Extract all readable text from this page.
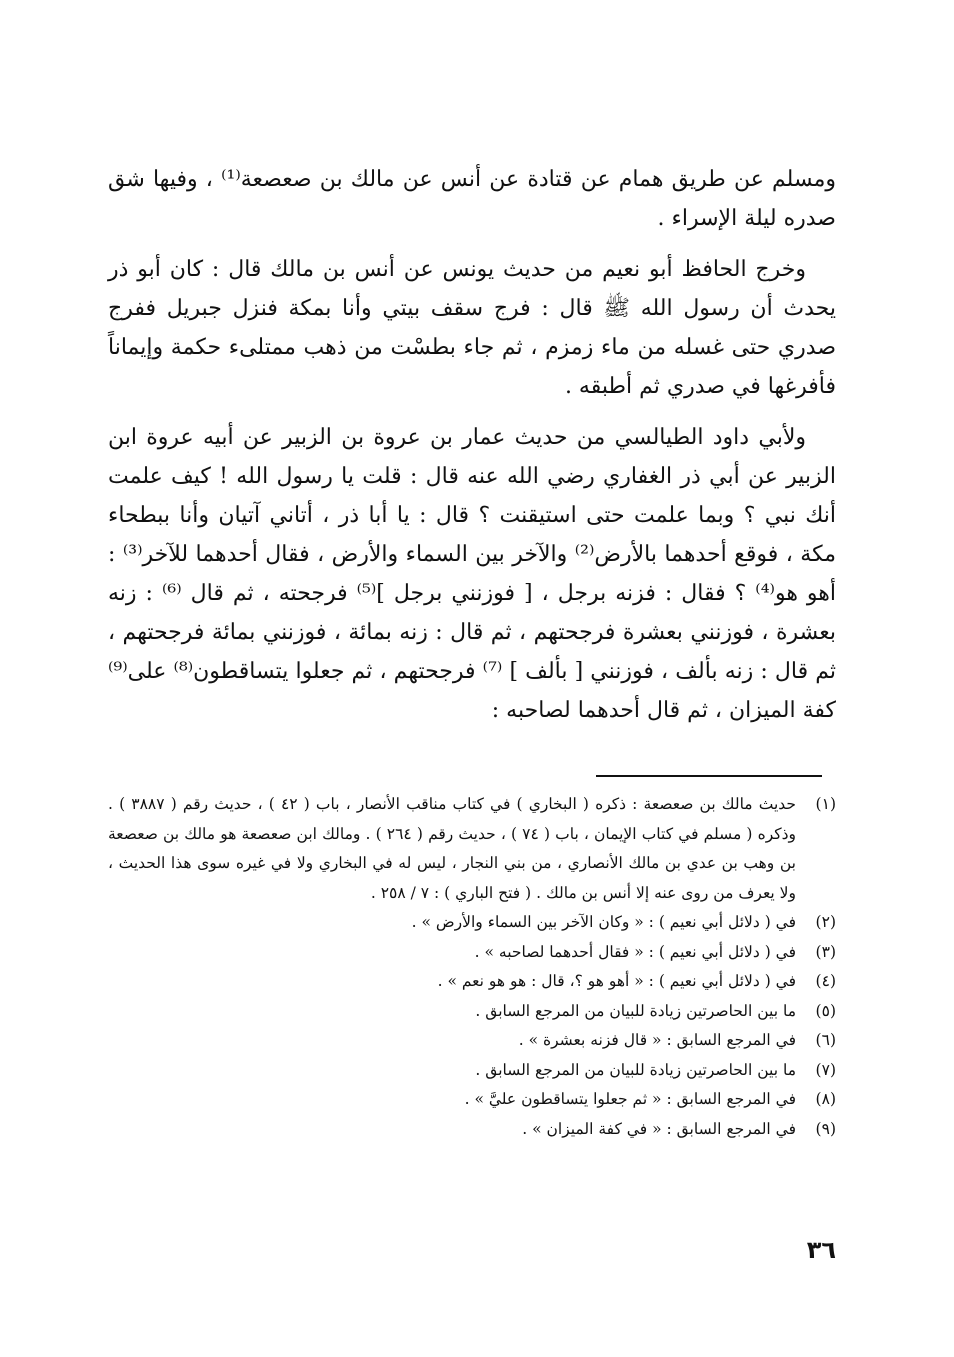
ومسلم عن طريق همام عن قتادة عن أنس عن مالك بن صعصعة⁽¹⁾ ، وفيها شق صدره ليلة الإسراء .

وخرج الحافظ أبو نعيم من حديث يونس عن أنس بن مالك قال : كان أبو ذر يحدث أن رسول الله ﷺ قال : فرج سقف بيتي وأنا بمكة فنزل جبريل ففرج صدري حتى غسله من ماء زمزم ، ثم جاء بطسْت من ذهب ممتلىء حكمة وإيماناً فأفرغها في صدري ثم أطبقه .

ولأبي داود الطيالسي من حديث عمار بن عروة بن الزبير عن أبيه عروة ابن الزبير عن أبي ذر الغفاري رضي الله عنه قال : قلت يا رسول الله ! كيف علمت أنك نبي ؟ وبما علمت حتى استيقنت ؟ قال : يا أبا ذر ، أتاني آتيان وأنا ببطحاء مكة ، فوقع أحدهما بالأرض⁽²⁾ والآخر بين السماء والأرض ، فقال أحدهما للآخر⁽³⁾ : أهو هو⁽⁴⁾ ؟ فقال : فزنه برجل ، [ فوزنني برجل ]⁽⁵⁾ فرجحته ، ثم قال ⁽⁶⁾ : زنه بعشرة ، فوزنني بعشرة فرجحتهم ، ثم قال : زنه بمائة ، فوزنني بمائة فرجحتهم ، ثم قال : زنه بألف ، فوزنني [ بألف ] ⁽⁷⁾ فرجحتهم ، ثم جعلوا يتساقطون⁽⁸⁾ على⁽⁹⁾ كفة الميزان ، ثم قال أحدهما لصاحبه :

(١)
حديث مالك بن صعصعة : ذكره ( البخاري ) في كتاب مناقب الأنصار ، باب ( ٤٢ ) ، حديث رقم ( ٣٨٨٧ ) . وذكره ( مسلم في كتاب الإيمان ، باب ( ٧٤ ) ، حديث رقم ( ٢٦٤ ) . ومالك ابن صعصعة هو مالك بن صعصعة بن وهب بن عدي بن مالك الأنصاري ، من بني النجار ، ليس له في البخاري ولا في غيره سوى هذا الحديث ، ولا يعرف من روى عنه إلا أنس بن مالك . ( فتح الباري ) : ٧ / ٢٥٨ .
(٢)
في ( دلائل أبي نعيم ) : « وكان الآخر بين السماء والأرض » .
(٣)
في ( دلائل أبي نعيم ) : « فقال أحدهما لصاحبه » .
(٤)
في ( دلائل أبي نعيم ) : « أهو هو ؟، قال : هو هو نعم » .
(٥)
ما بين الحاصرتين زيادة للبيان من المرجع السابق .
(٦)
في المرجع السابق : « قال فزنه بعشرة » .
(٧)
ما بين الحاصرتين زيادة للبيان من المرجع السابق .
(٨)
في المرجع السابق : « ثم جعلوا يتساقطون عليَّ » .
(٩)
في المرجع السابق : « في كفة الميزان » .
٣٦
